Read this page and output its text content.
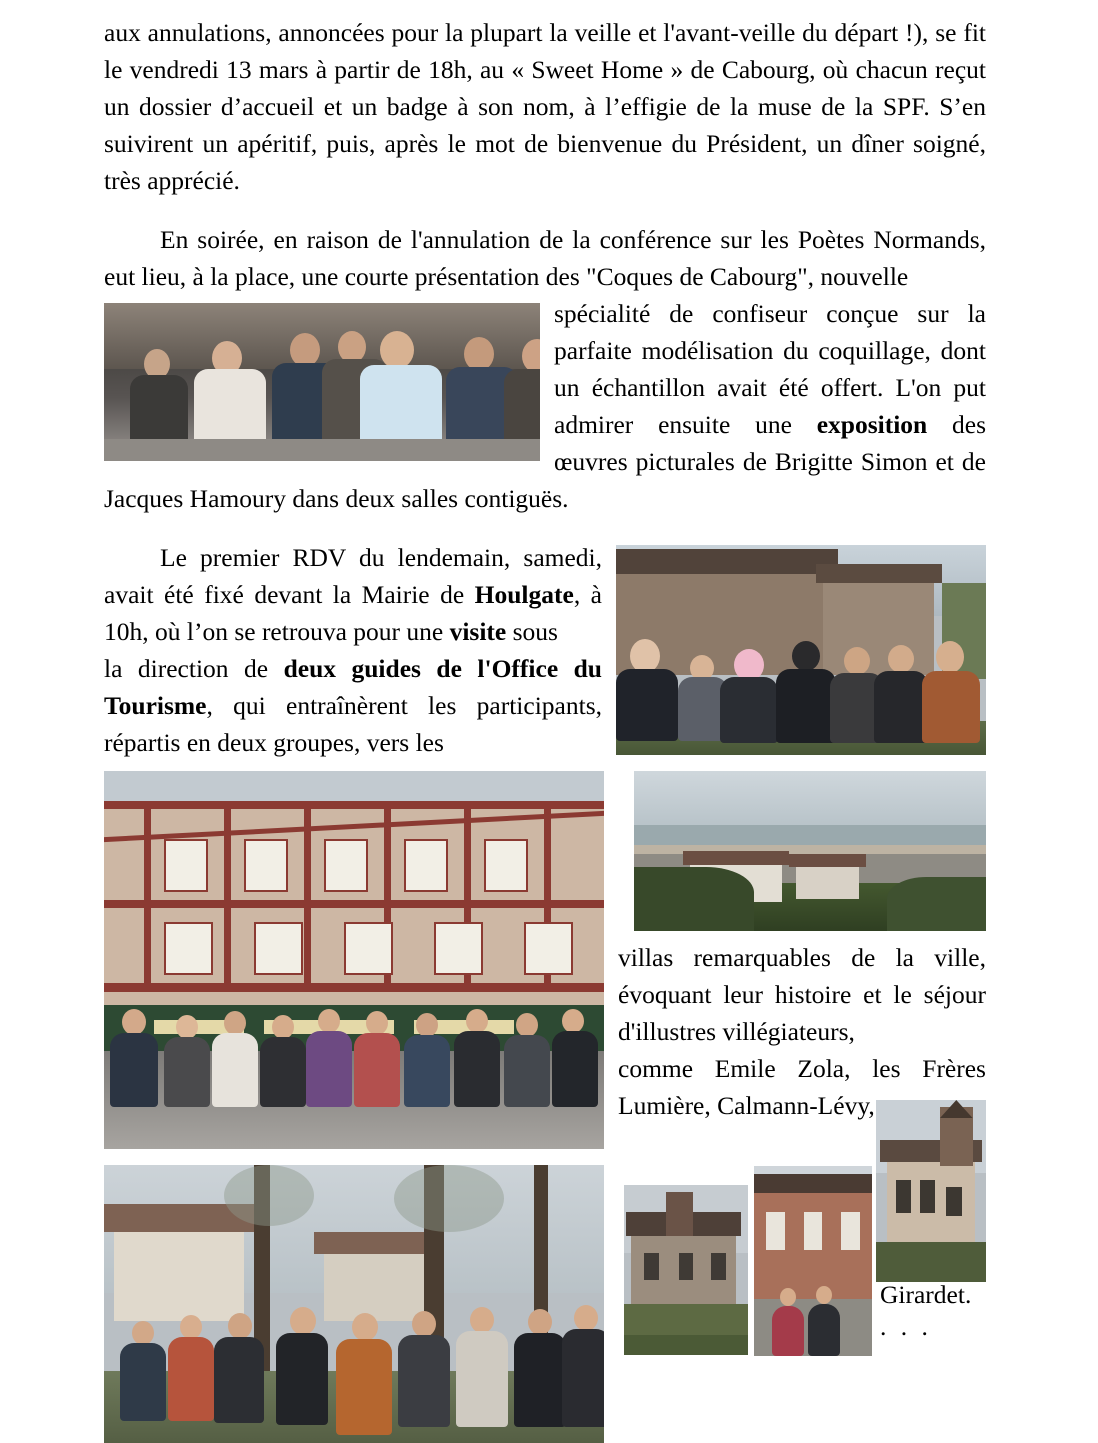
aux annulations, annoncées pour la plupart la veille et l'avant-veille du départ !), se fit le vendredi 13 mars à partir de 18h, au « Sweet Home » de Cabourg, où chacun reçut un dossier d’accueil et un badge à son nom, à l’effigie de la muse de la SPF. S’en suivirent un apéritif, puis, après le mot de bienvenue du Président, un dîner soigné, très apprécié.

En soirée, en raison de l'annulation de la conférence sur les Poètes Normands, eut lieu, à la place, une courte présentation des "Coques de Cabourg", nouvelle

spécialité de confiseur conçue sur la parfaite modélisation du coquillage, dont un échantillon avait été offert. L'on put admirer ensuite une exposition des œuvres picturales de Brigitte Simon et de Jacques Hamoury dans deux salles contiguës.

Le premier RDV du lendemain, samedi, avait été fixé devant la Mairie de Houlgate, à 10h, où l’on se retrouva pour une visite sous

la direction de deux guides de l'Office du Tourisme, qui entraînèrent les participants, répartis en deux groupes, vers les

villas remarquables de la ville, évoquant leur histoire et le séjour d'illustres villégiateurs,

comme Emile Zola, les Frères Lumière, Calmann-Lévy,

Girardet.
. . .
